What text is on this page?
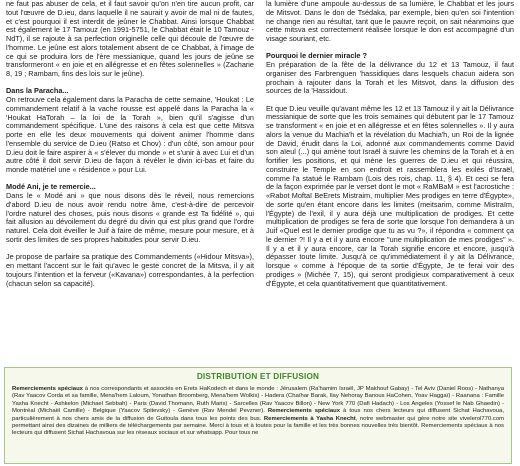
ne faut pas abuser de cela, et il faut savoir qu'on n'en tire aucun profit, car tout l'œuvre de D.ieu, dans laquelle il ne saurait y avoir de mal ni de fautes, et c'est pourquoi il est interdit de jeûner le Chabbat. Ainsi lorsque Chabbat est également le 17 Tamouz (en 1991-5751, le Chabbat était le 10 Tamouz - NdT), il se rajoute à sa perfection originelle celle qui découle de l'œuvre de l'homme. Le jeûne est alors totalement absent de ce Chabbat, à l'image de ce qui se produira lors de l'ère messianique, quand les jours de jeûne se transformeront « en joie et en allégresse et en fêtes solennelles » (Zacharie 8, 19 ; Rambam, fins des lois sur le jeûne).

Dans la Paracha...

On retrouve cela également dans la Paracha de cette semaine, 'Houkat : Le commandement relatif à la vache rousse est appelé dans la Paracha la « 'Houkat HaTorah – la loi de la Torah », bien qu'il s'agisse d'un commandement spécifique. L'une des raisons à cela est que cette Mitsva porte en elle les deux mouvements qui doivent animer l'homme dans l'ensemble du service de D.ieu (Ratso et Chov) : d'un côté, son amour pour D.ieu doit le faire aspirer à « s'élever du monde » et s'unir à avec Lui et d'un autre côté il doit servir D.ieu de façon à révéler le divin ici-bas et faire du monde matériel une « résidence » pour Lui.

Modé Ani, je te remercie...

Dans le « Modé ani » que nous disons dès le réveil, nous remercions d'abord D.ieu de nous avoir rendu notre âme, c'est-à-dire de percevoir l'ordre naturel des choses, puis nous disons « grande est Ta fidélité », qui fait allusion au dévoilement du degré du divin qui est plus grand que l'ordre naturel. Cela doit éveiller le Juif à faire de même, mesure pour mesure, et à sortir des limites de ses propres habitudes pour servir D.ieu.

Je propose de parfaire sa pratique des Commandements («Hidour Mitsva»), en mettant l'accent sur le fait qu'avec le geste concret de la Mitsva, il y ait toujours l'intention et la ferveur («Kavana») correspondantes, à la perfection (chacun selon sa capacité).

la lumière d'une ampoule au-dessus de sa lumière, le Chabbat et les jours de Mitsvot. Dans le don de Tsédaka, par exemple, bien qu'en soi l'intention ne change rien au résultat, tant que le pauvre reçoit, on sait néanmoins que cette mitsva est correctement réalisée lorsque le don est accompagné d'un visage souriant, etc.

Pourquoi le dernier miracle ?

En préparation de la fête de la délivrance du 12 et 13 Tamouz, il faut organiser des Farbrenguen 'hassidiques dans lesquels chacun aidera son prochain à rajouter dans la Torah et les Mitsvot, dans la diffusion des sources de la 'Hassidout.

Et que D.ieu veuille qu'avant même les 12 et 13 Tamouz il y ait la Délivrance messianique de sorte que les trois semaines qui débutent par le 17 Tamouz se transforment « en joie et en allégresse et en fêtes solennelles ». Il y aura alors la venue du Machia'h et la révélation du Machia'h, un Roi de la lignée de David, érudit dans la Loi, adonné aux commandements comme David son aïeul (...) qui amène tout Israël à suivre les chemins de la Torah et à en fortifier les positions, et qui mène les guerres de D.ieu et qui réussira, construire le Temple en son endroit et rassemblera les exilés d'Israël, comme l'a statué le Rambam (Lois des rois, chap. 11, § 4). Et ceci se fera de la façon exprimée par le verset dont le mot « RaMBaM » est l'acrostiche : «Rabot Moftaï BeErets Mistraim, multiplier Mes prodiges en terre d'Égypte», de sorte qu'en étant encore dans les limites (meitsarim, comme Mistraïm, l'Égypte) de l'exil, il y aura déjà une multiplication de prodiges. Et cette multiplication de prodiges se fera de sorte que lorsque l'on demandera à un Juif «Quel est le dernier prodige que tu as vu ?», il répondra « comment ça le dernier ?! Il y a et il y aura encore "une multiplication de mes prodiges" ». Il y a et il y aura encore, car la Torah signifie encore et encore, jusqu'à dépasser toute limite. Jusqu'à ce qu'immédiatement il y ait la Délivrance, lorsque « comme à l'époque de ta sortie d'Égypte, Je te ferai voir des prodiges » (Michée 7, 15), qui seront prodigieux comparativement à ceux d'Égypte, et cela quantitativement que quantitativement.

DISTRIBUTION ET DIFFUSION
Remerciements spéciaux à nos correspondants et associés en Erets HaKodech et dans le monde : Jérusalem (Ra'hamim Israël, JP Makhouf Gabay) - Tel Aviv (Daniel Roos) - Nathanya (Rav Yaacov Corda et sa famille, Mena'hem Laloum, Yonathan Broomberg, Mena'hem Wolkis) - Hadera (Chaïhar Barak, Ilay Nehoray Banous HaCohen, Yoav Haggaï) - Raanana : Famille Yasha Knecht - Ashkelon (Michael Sebbah) - Paris (David Thomann, Ruth Maris) - Sarcelles (Rav Yaacov Billon) - New York 770 (Dafi Hadach) - Los Angeles (Yossef le Nab Ghaedin) - Montréal (Michaël Camille) - Belgique (Yaacov Spitevsky) - Genève (Rav Mendel Pevzner). Remerciements spéciaux à tous nos chers lecteurs qui diffusent Sichat Hachavoua, particulièrement à nos chers amis de la diffusion de Guitoula dans tous les points des bus. Remerciements à Yasha Knecht, notre webmaster qui gère notre site vivelerol770.com permettant ainsi des dizaines de milliers de téléchargements par semaine. Merci à tous et à toutes pour la famille et les très bonnes nouvelles très bientôt. Remerciements spéciaux à nos lecteurs qui diffusent Sichat Hachavoua sur les réseaux sociaux et sur whatsapp. Pour tous ne
